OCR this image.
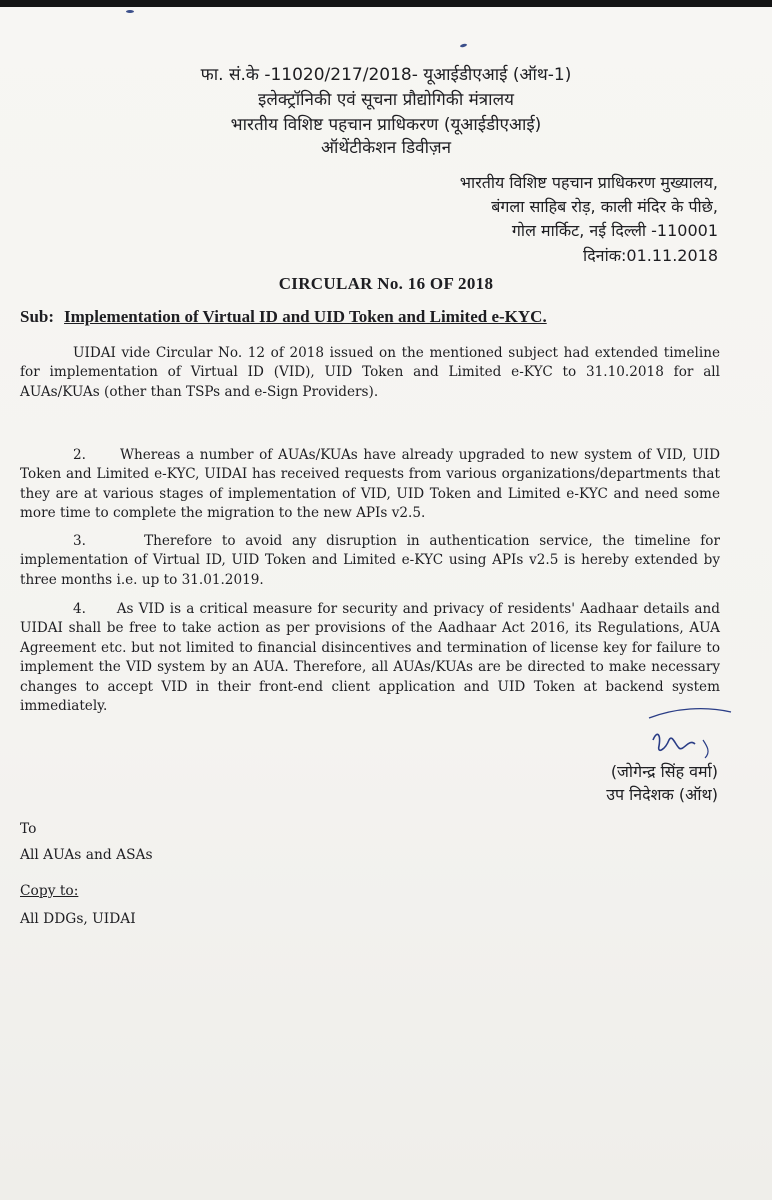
फा. सं.के -11020/217/2018- यूआईडीएआई (ऑथ-1)
इलेक्ट्रॉनिकी एवं सूचना प्रौद्योगिकी मंत्रालय
भारतीय विशिष्ट पहचान प्राधिकरण (यूआईडीएआई)
ऑथेंटीकेशन डिवीज़न
भारतीय विशिष्ट पहचान प्राधिकरण मुख्यालय,
बंगला साहिब रोड़, काली मंदिर के पीछे,
गोल मार्किट, नई दिल्ली -110001
दिनांक:01.11.2018
CIRCULAR No. 16 OF 2018
Sub: Implementation of Virtual ID and UID Token and Limited e-KYC.
UIDAI vide Circular No. 12 of 2018 issued on the mentioned subject had extended timeline for implementation of Virtual ID (VID), UID Token and Limited e-KYC to 31.10.2018 for all AUAs/KUAs (other than TSPs and e-Sign Providers).
2.      Whereas a number of AUAs/KUAs have already upgraded to new system of VID, UID Token and Limited e-KYC, UIDAI has received requests from various organizations/departments that they are at various stages of implementation of VID, UID Token and Limited e-KYC and need some more time to complete the migration to the new APIs v2.5.
3.      Therefore to avoid any disruption in authentication service, the timeline for implementation of Virtual ID, UID Token and Limited e-KYC using APIs v2.5 is hereby extended by three months i.e. up to 31.01.2019.
4.      As VID is a critical measure for security and privacy of residents' Aadhaar details and UIDAI shall be free to take action as per provisions of the Aadhaar Act 2016, its Regulations, AUA Agreement etc. but not limited to financial disincentives and termination of license key for failure to implement the VID system by an AUA. Therefore, all AUAs/KUAs are be directed to make necessary changes to accept VID in their front-end client application and UID Token at backend system immediately.
(जोगेन्द्र सिंह वर्मा)
उप निदेशक (ऑथ)
To
All AUAs and ASAs
Copy to:
All DDGs, UIDAI
